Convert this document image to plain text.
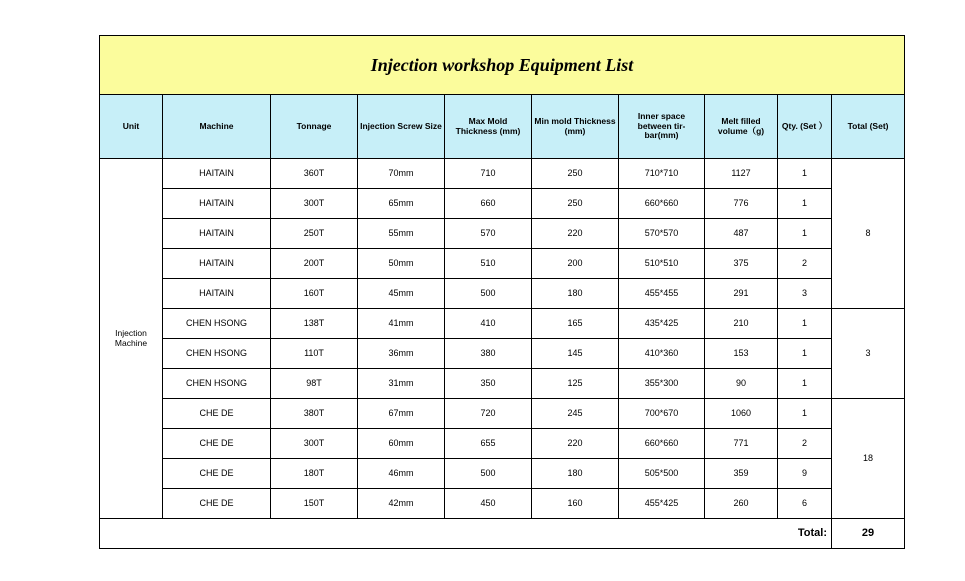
Injection workshop Equipment List									
Unit	Machine	Tonnage	Injection Screw Size	Max Mold Thickness (mm)	Min mold Thickness (mm)	Inner space between tir-bar(mm)	Melt filled volume（g)	Qty. (Set ）	Total (Set)
Injection Machine	HAITAIN	360T	70mm	710	250	710*710	1127	1	8
	HAITAIN	300T	65mm	660	250	660*660	776	1	
	HAITAIN	250T	55mm	570	220	570*570	487	1	
	HAITAIN	200T	50mm	510	200	510*510	375	2	
	HAITAIN	160T	45mm	500	180	455*455	291	3	
	CHEN HSONG	138T	41mm	410	165	435*425	210	1	3
	CHEN HSONG	110T	36mm	380	145	410*360	153	1	
	CHEN HSONG	98T	31mm	350	125	355*300	90	1	
	CHE DE	380T	67mm	720	245	700*670	1060	1	18
	CHE DE	300T	60mm	655	220	660*660	771	2	
	CHE DE	180T	46mm	500	180	505*500	359	9	
	CHE DE	150T	42mm	450	160	455*425	260	6	
Total:									29
